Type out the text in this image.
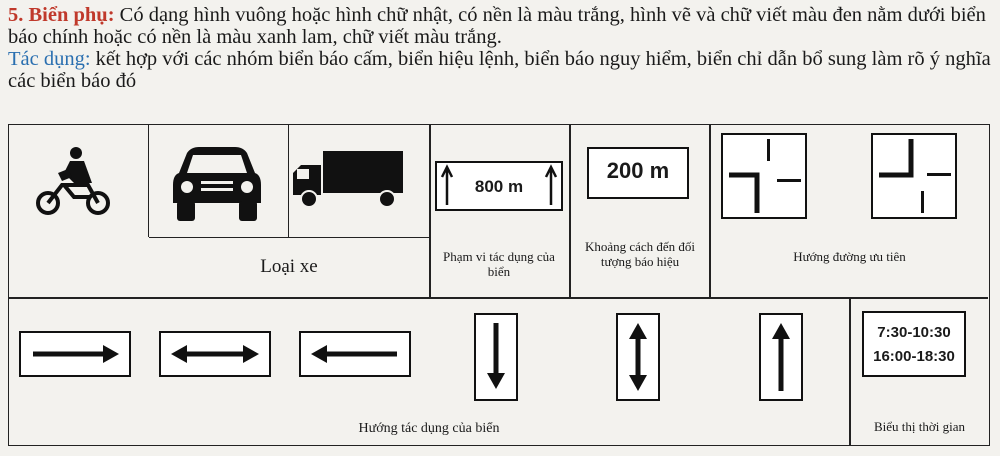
5. Biển phụ: Có dạng hình vuông hoặc hình chữ nhật, có nền là màu trắng, hình vẽ và chữ viết màu đen nằm dưới biển báo chính hoặc có nền là màu xanh lam, chữ viết màu trắng.

Tác dụng: kết hợp với các nhóm biển báo cấm, biển hiệu lệnh, biển báo nguy hiểm, biển chỉ dẫn bổ sung làm rõ ý nghĩa các biển báo đó

Loại xe
800 m
Phạm vi tác dụng của biển
200 m
Khoảng cách đến đối tượng báo hiệu	Hướng đường ưu tiên
Hướng tác dụng của biển
7:30-10:30
16:00-18:30
Biểu thị thời gian
